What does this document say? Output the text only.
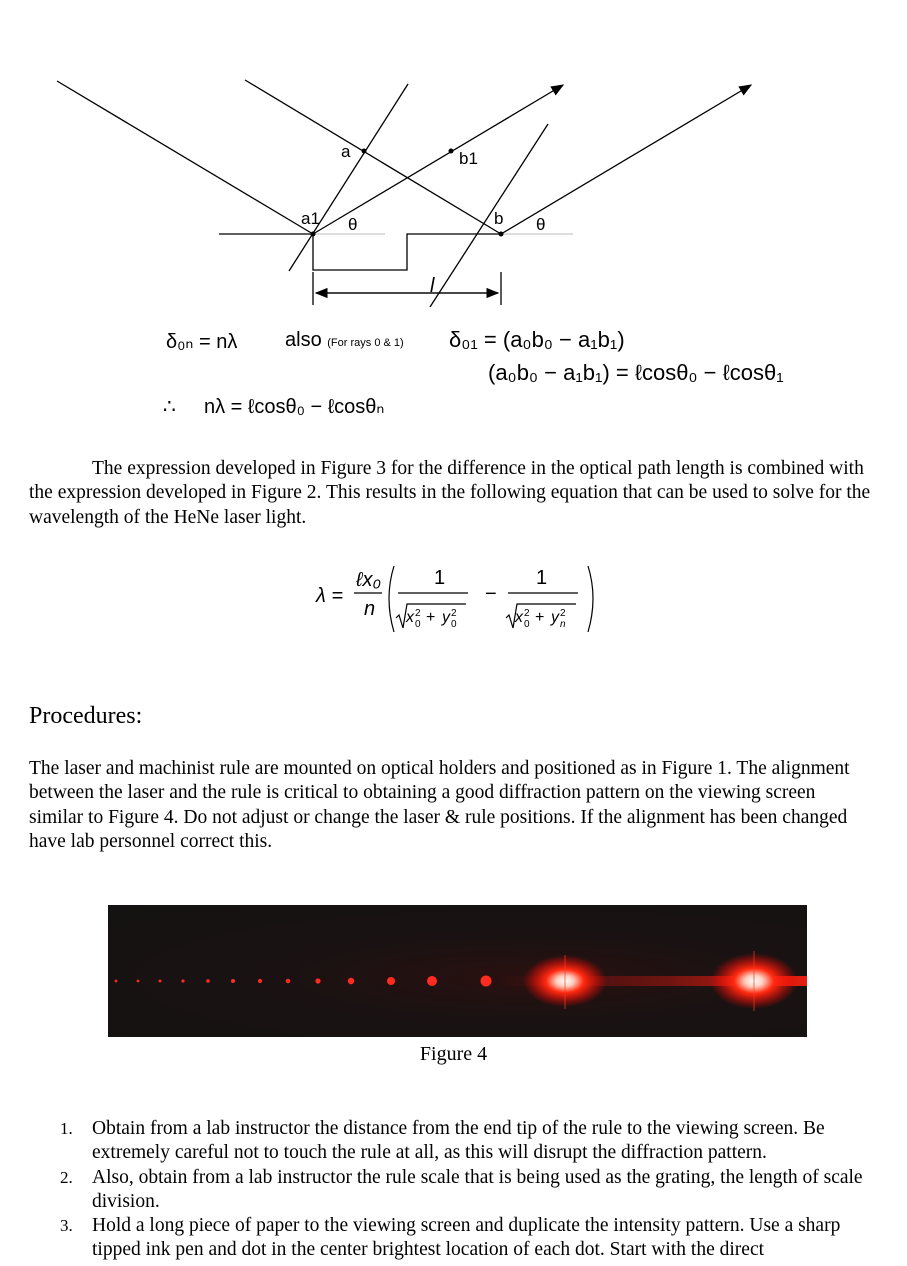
a1
a	b1
b
θ	θ
l
δ₀ₙ = nλ also (For rays 0 & 1) δ₀₁ = (a₀b₀ − a₁b₁)
(a₀b₀ − a₁b₁) = ℓcosθ₀ − ℓcosθ₁
∴ nλ = ℓcosθ₀ − ℓcosθₙ
The expression developed in Figure 3 for the difference in the optical path length is combined with the expression developed in Figure 2. This results in the following equation that can be used to solve for the wavelength of the HeNe laser light.
λ =
ℓx₀
n
1	1
−
x 2
0 + y 2
0	x 2
0 + y 2
n
Procedures:
The laser and machinist rule are mounted on optical holders and positioned as in Figure 1. The alignment between the laser and the rule is critical to obtaining a good diffraction pattern on the viewing screen similar to Figure 4. Do not adjust or change the laser & rule positions. If the alignment has been changed have lab personnel correct this.
Figure 4
1. Obtain from a lab instructor the distance from the end tip of the rule to the viewing screen. Be extremely careful not to touch the rule at all, as this will disrupt the diffraction pattern.
2. Also, obtain from a lab instructor the rule scale that is being used as the grating, the length of scale division.
3. Hold a long piece of paper to the viewing screen and duplicate the intensity pattern. Use a sharp tipped ink pen and dot in the center brightest location of each dot. Start with the direct
